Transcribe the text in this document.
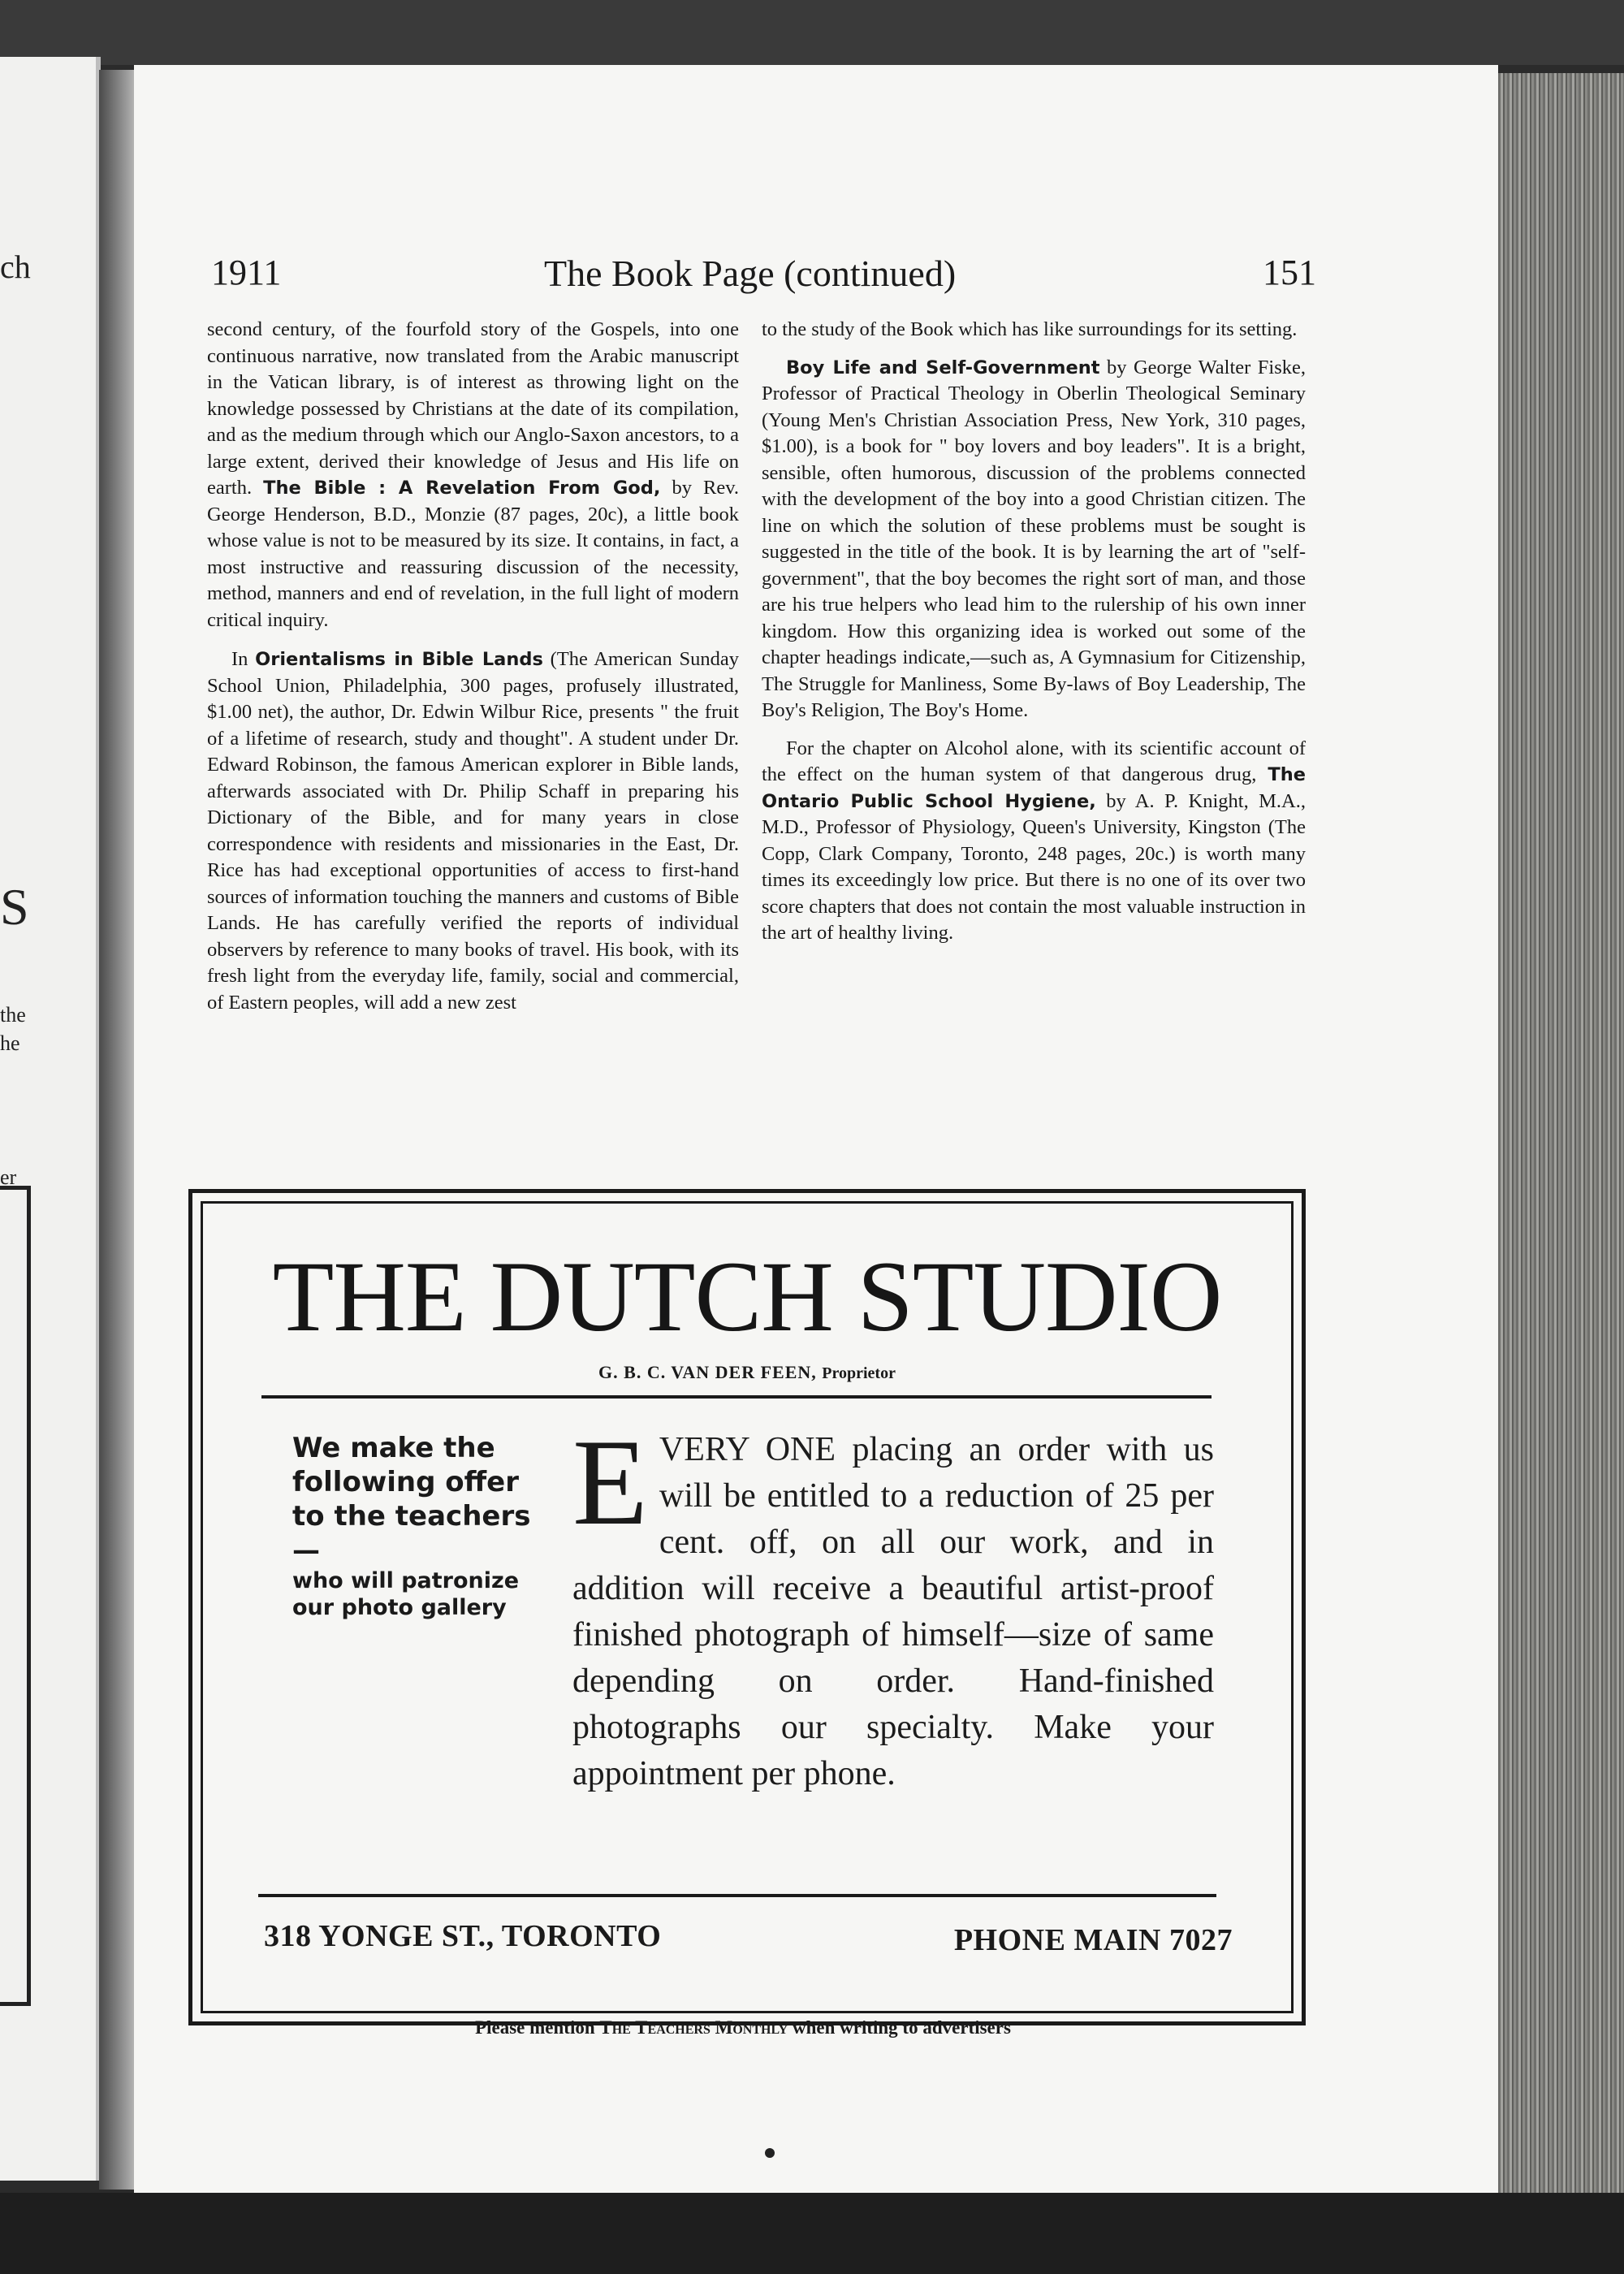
ch
S
the
he
er
1911	The Book Page (continued)	151

second century, of the fourfold story of the Gospels, into one continuous narrative, now translated from the Arabic manuscript in the Vatican library, is of interest as throwing light on the knowledge possessed by Christians at the date of its compilation, and as the medium through which our Anglo-Saxon ancestors, to a large extent, derived their knowledge of Jesus and His life on earth. The Bible : A Revelation From God, by Rev. George Henderson, B.D., Monzie (87 pages, 20c), a little book whose value is not to be measured by its size. It contains, in fact, a most instructive and reassuring discussion of the necessity, method, manners and end of revelation, in the full light of modern critical inquiry.

In Orientalisms in Bible Lands (The American Sunday School Union, Philadelphia, 300 pages, profusely illustrated, $1.00 net), the author, Dr. Edwin Wilbur Rice, presents " the fruit of a lifetime of research, study and thought". A student under Dr. Edward Robinson, the famous American explorer in Bible lands, afterwards associated with Dr. Philip Schaff in preparing his Dictionary of the Bible, and for many years in close correspondence with residents and missionaries in the East, Dr. Rice has had exceptional opportunities of access to first-hand sources of information touching the manners and customs of Bible Lands. He has carefully verified the reports of individual observers by reference to many books of travel. His book, with its fresh light from the everyday life, family, social and commercial, of Eastern peoples, will add a new zest

to the study of the Book which has like surroundings for its setting.

Boy Life and Self-Government by George Walter Fiske, Professor of Practical Theology in Oberlin Theological Seminary (Young Men's Christian Association Press, New York, 310 pages, $1.00), is a book for " boy lovers and boy leaders". It is a bright, sensible, often humorous, discussion of the problems connected with the development of the boy into a good Christian citizen. The line on which the solution of these problems must be sought is suggested in the title of the book. It is by learning the art of "self-government", that the boy becomes the right sort of man, and those are his true helpers who lead him to the rulership of his own inner kingdom. How this organizing idea is worked out some of the chapter headings indicate,—such as, A Gymnasium for Citizenship, The Struggle for Manliness, Some By-laws of Boy Leadership, The Boy's Religion, The Boy's Home.

For the chapter on Alcohol alone, with its scientific account of the effect on the human system of that dangerous drug, The Ontario Public School Hygiene, by A. P. Knight, M.A., M.D., Professor of Physiology, Queen's University, Kingston (The Copp, Clark Company, Toronto, 248 pages, 20c.) is worth many times its exceedingly low price. But there is no one of its over two score chapters that does not contain the most valuable instruction in the art of healthy living.

THE DUTCH STUDIO
G. B. C. VAN DER FEEN, Proprietor
We make the following offer to the teachers—
who will patronize our photo gallery
EVERY ONE placing an order with us will be entitled to a reduction of 25 per cent. off, on all our work, and in addition will receive a beautiful artist-proof finished photograph of himself—size of same depending on order. Hand-finished photographs our specialty. Make your appointment per phone.
318 YONGE ST., TORONTO	PHONE MAIN 7027
Please mention The Teachers Monthly when writing to advertisers
